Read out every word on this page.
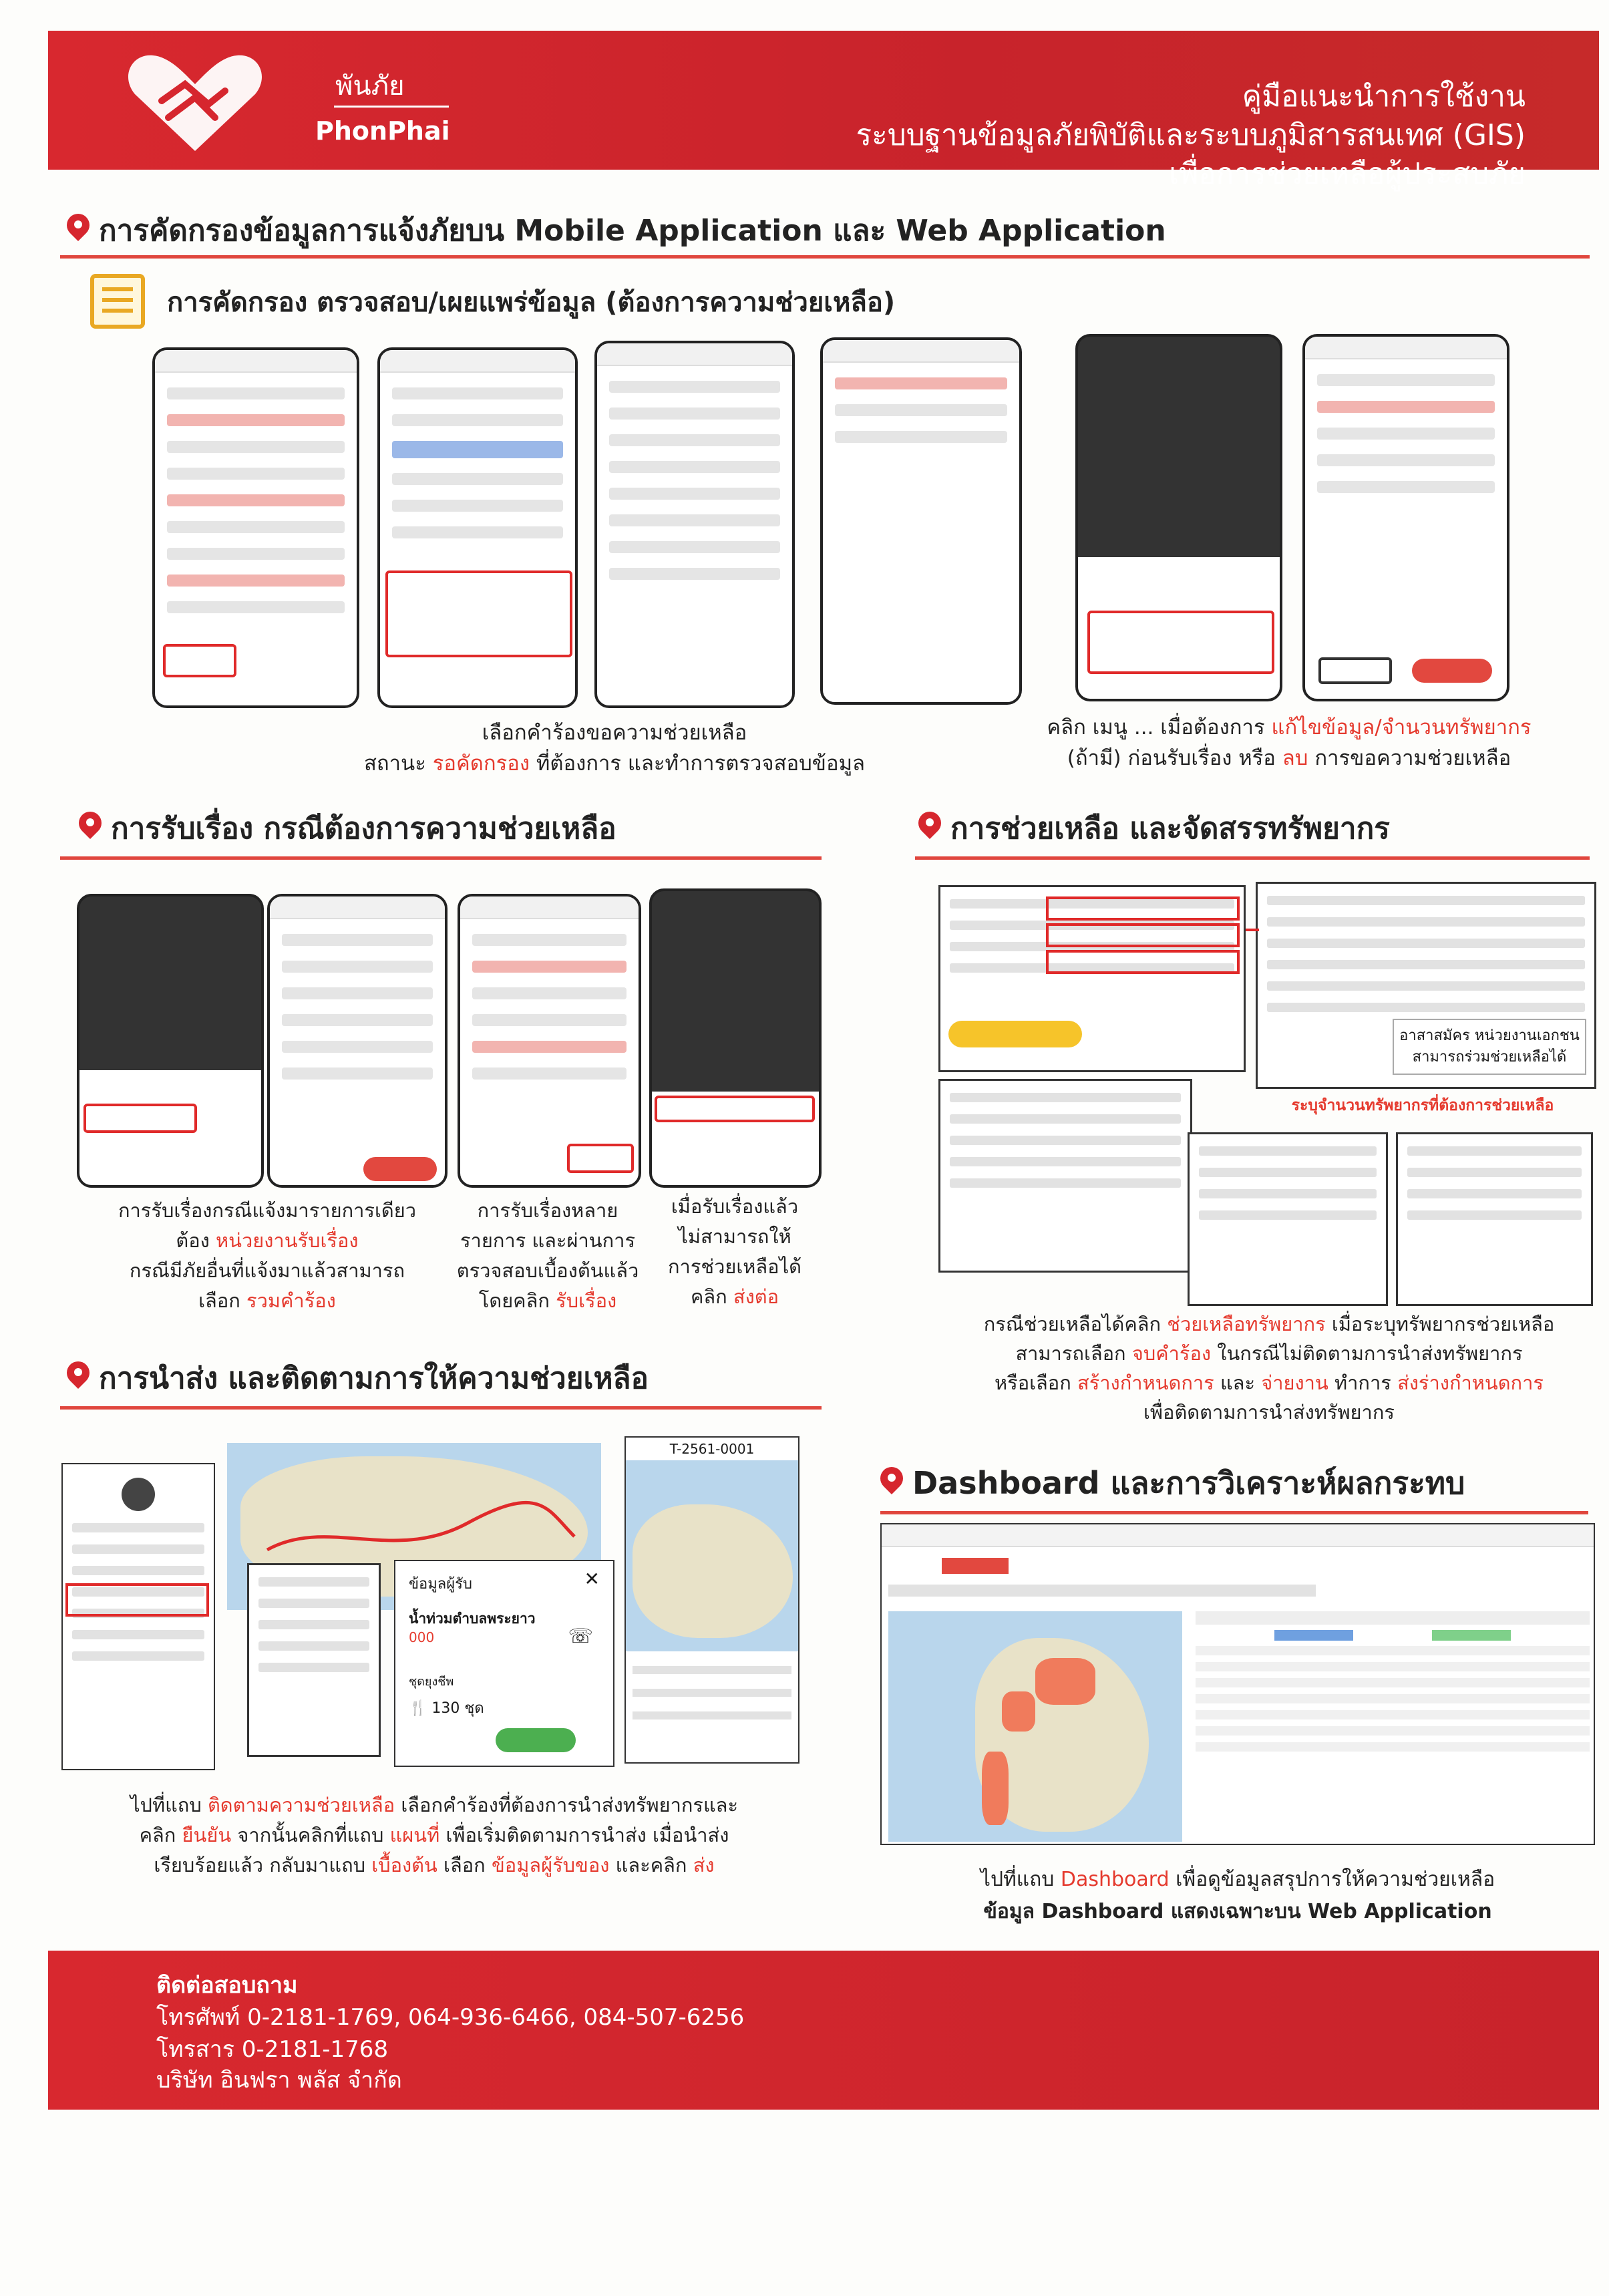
พันภัย
PhonPhai
คู่มือแนะนำการใช้งาน
ระบบฐานข้อมูลภัยพิบัติและระบบภูมิสารสนเทศ (GIS)
เพื่อการช่วยเหลือผู้ประสบภัย
การคัดกรองข้อมูลการแจ้งภัยบน Mobile Application และ Web Application
การคัดกรอง ตรวจสอบ/เผยแพร่ข้อมูล (ต้องการความช่วยเหลือ)
เลือกคำร้องขอความช่วยเหลือ
สถานะ รอคัดกรอง ที่ต้องการ และทำการตรวจสอบข้อมูล
คลิก เมนู ... เมื่อต้องการ แก้ไขข้อมูล/จำนวนทรัพยากร
(ถ้ามี) ก่อนรับเรื่อง หรือ ลบ การขอความช่วยเหลือ
การรับเรื่อง กรณีต้องการความช่วยเหลือ
การรับเรื่องกรณีแจ้งมารายการเดียว
ต้อง หน่วยงานรับเรื่อง
กรณีมีภัยอื่นที่แจ้งมาแล้วสามารถ
เลือก รวมคำร้อง
การรับเรื่องหลาย
รายการ และผ่านการ
ตรวจสอบเบื้องต้นแล้ว
โดยคลิก รับเรื่อง
เมื่อรับเรื่องแล้ว
ไม่สามารถให้
การช่วยเหลือได้
คลิก ส่งต่อ
การช่วยเหลือ และจัดสรรทรัพยากร
อาสาสมัคร หน่วยงานเอกชน สามารถร่วมช่วยเหลือได้
ระบุจำนวนทรัพยากรที่ต้องการช่วยเหลือ
กรณีช่วยเหลือได้คลิก ช่วยเหลือทรัพยากร เมื่อระบุทรัพยากรช่วยเหลือ
สามารถเลือก จบคำร้อง ในกรณีไม่ติดตามการนำส่งทรัพยากร
หรือเลือก สร้างกำหนดการ และ จ่ายงาน ทำการ ส่งร่างกำหนดการ
เพื่อติดตามการนำส่งทรัพยากร
การนำส่ง และติดตามการให้ความช่วยเหลือ
ข้อมูลผู้รับ	✕
น้ำท่วมตำบลพระยาว
000	☏
ชุดยุงชีพ
🍴 130 ชุด
T-2561-0001
ไปที่แถบ ติดตามความช่วยเหลือ เลือกคำร้องที่ต้องการนำส่งทรัพยากรและ
คลิก ยืนยัน จากนั้นคลิกที่แถบ แผนที่ เพื่อเริ่มติดตามการนำส่ง เมื่อนำส่ง
เรียบร้อยแล้ว กลับมาแถบ เบื้องต้น เลือก ข้อมูลผู้รับของ และคลิก ส่ง
Dashboard และการวิเคราะห์ผลกระทบ
ไปที่แถบ Dashboard เพื่อดูข้อมูลสรุปการให้ความช่วยเหลือ
ข้อมูล Dashboard แสดงเฉพาะบน Web Application
ติดต่อสอบถาม
โทรศัพท์ 0-2181-1769, 064-936-6466, 084-507-6256
โทรสาร 0-2181-1768
บริษัท อินฟรา พลัส จำกัด
